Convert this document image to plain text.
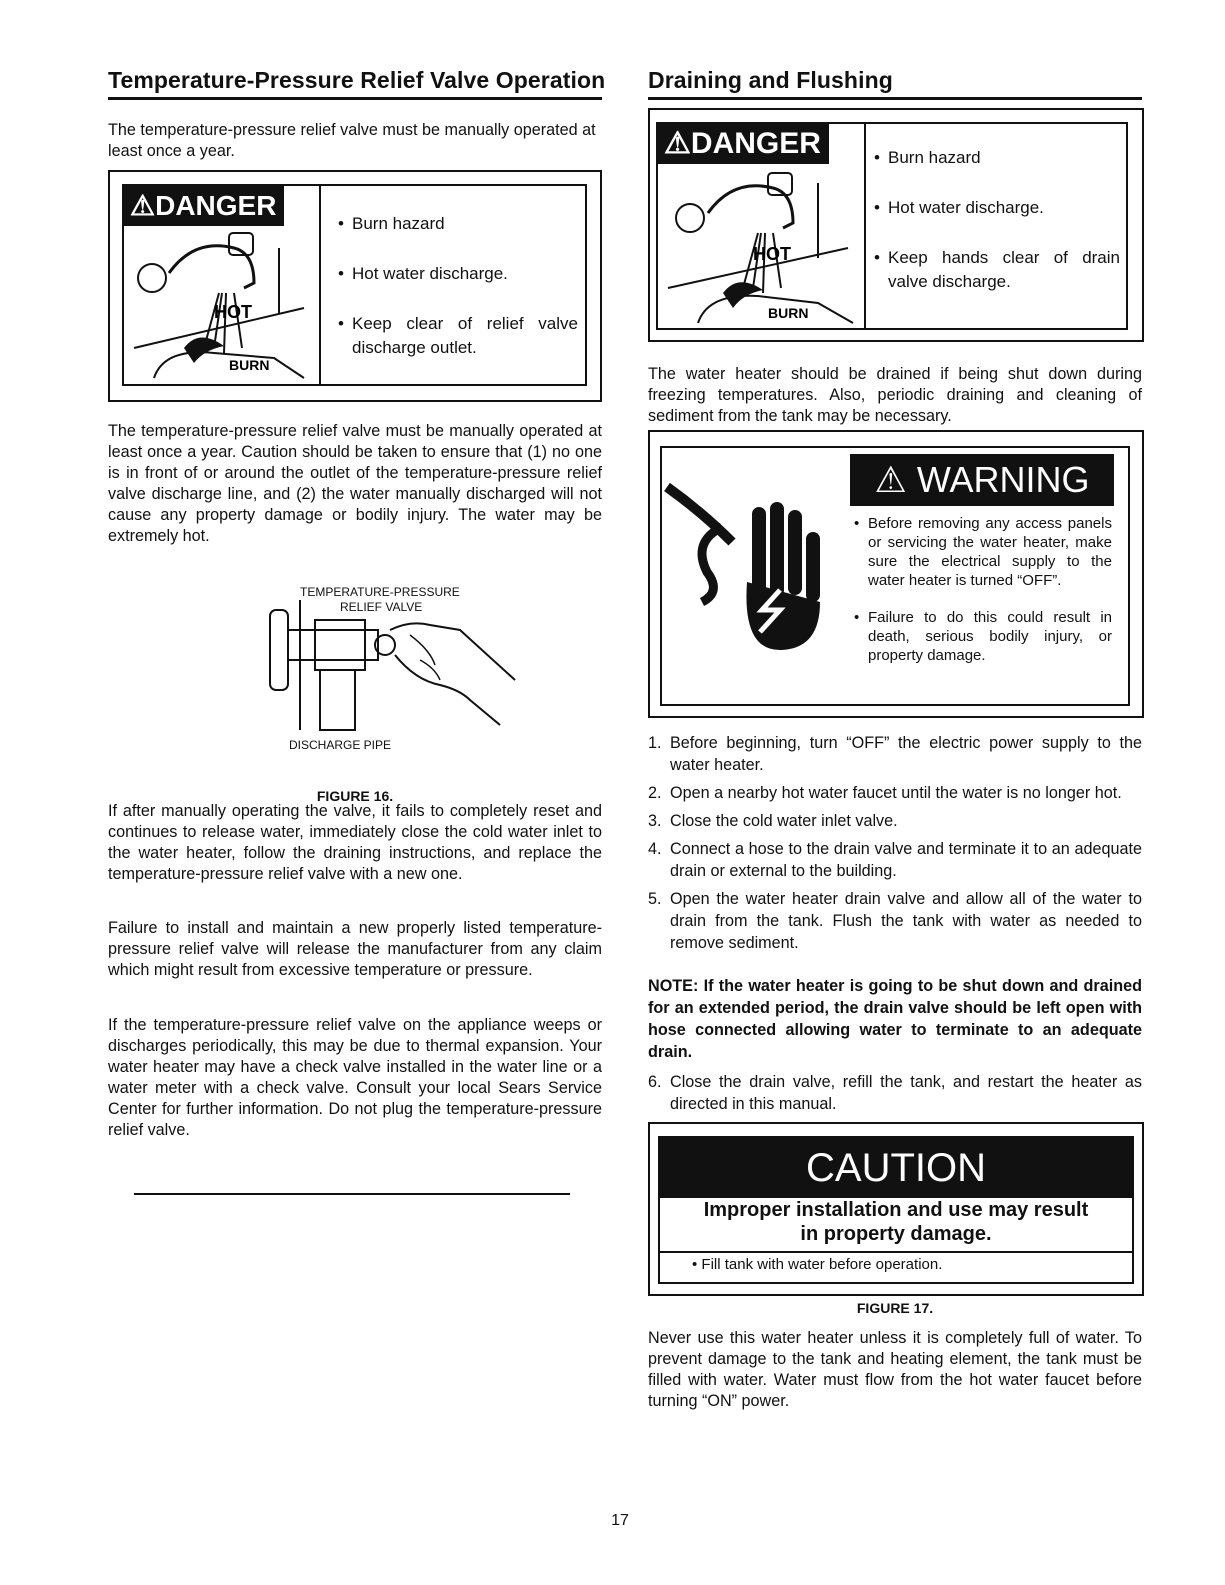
Temperature-Pressure Relief Valve Operation

The temperature-pressure relief valve must be manually operated at least once a year.

⚠DANGER
HOT
BURN
• Burn hazard
• Hot water discharge.
• Keep clear of relief valve discharge outlet.

The temperature-pressure relief valve must be manually operated at least once a year. Caution should be taken to ensure that (1) no one is in front of or around the outlet of the temperature-pressure relief valve discharge line, and (2) the water manually discharged will not cause any property damage or bodily injury. The water may be extremely hot.

TEMPERATURE-PRESSURE
RELIEF VALVE
DISCHARGE PIPE
FIGURE 16.

If after manually operating the valve, it fails to completely reset and continues to release water, immediately close the cold water inlet to the water heater, follow the draining instructions, and replace the temperature-pressure relief valve with a new one.

Failure to install and maintain a new properly listed temperature-pressure relief valve will release the manufacturer from any claim which might result from excessive temperature or pressure.

If the temperature-pressure relief valve on the appliance weeps or discharges periodically, this may be due to thermal expansion. Your water heater may have a check valve installed in the water line or a water meter with a check valve. Consult your local Sears Service Center for further information. Do not plug the temperature-pressure relief valve.

Draining and Flushing
⚠DANGER
HOT
BURN
• Burn hazard
• Hot water discharge.
• Keep hands clear of drain valve discharge.

The water heater should be drained if being shut down during freezing temperatures. Also, periodic draining and cleaning of sediment from the tank may be necessary.

⚠ WARNING
• Before removing any access panels or servicing the water heater, make sure the electrical supply to the water heater is turned “OFF”.
• Failure to do this could result in death, serious bodily injury, or property damage.
1. Before beginning, turn “OFF” the electric power supply to the water heater.
2. Open a nearby hot water faucet until the water is no longer hot.
3. Close the cold water inlet valve.
4. Connect a hose to the drain valve and terminate it to an adequate drain or external to the building.
5. Open the water heater drain valve and allow all of the water to drain from the tank. Flush the tank with water as needed to remove sediment.

NOTE: If the water heater is going to be shut down and drained for an extended period, the drain valve should be left open with hose connected allowing water to terminate to an adequate drain.

6. Close the drain valve, refill the tank, and restart the heater as directed in this manual.
CAUTION
Improper installation and use may result
in property damage.
• Fill tank with water before operation.
FIGURE 17.

Never use this water heater unless it is completely full of water. To prevent damage to the tank and heating element, the tank must be filled with water. Water must flow from the hot water faucet before turning “ON” power.

17
